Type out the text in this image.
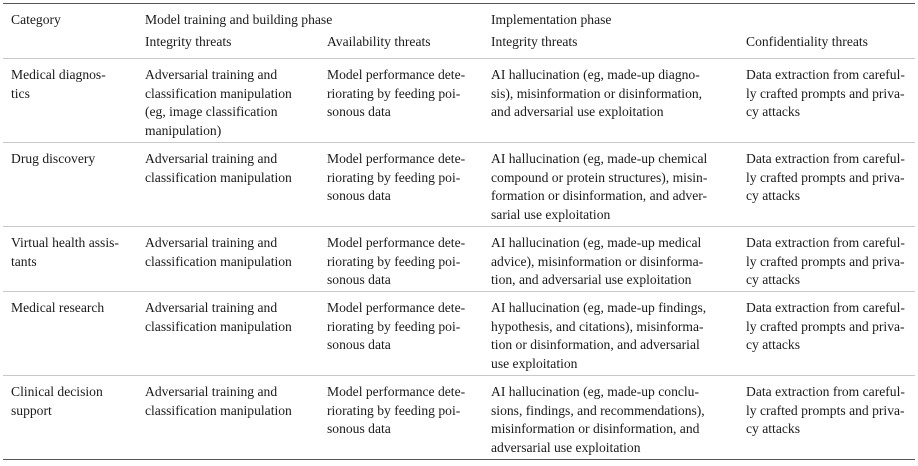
Category	Model training and building phase		Implementation phase	
	Integrity threats	Availability threats	Integrity threats	Confidentiality threats

Medical diagnos-
tics	Adversarial training and
classification manipulation
(eg, image classification
manipulation)	Model performance dete-
riorating by feeding poi-
sonous data	AI hallucination (eg, made-up diagno-
sis), misinformation or disinformation,
and adversarial use exploitation	Data extraction from careful-
ly crafted prompts and priva-
cy attacks

Drug discovery	Adversarial training and
classification manipulation	Model performance dete-
riorating by feeding poi-
sonous data	AI hallucination (eg, made-up chemical
compound or protein structures), misin-
formation or disinformation, and adver-
sarial use exploitation	Data extraction from careful-
ly crafted prompts and priva-
cy attacks

Virtual health assis-
tants	Adversarial training and
classification manipulation	Model performance dete-
riorating by feeding poi-
sonous data	AI hallucination (eg, made-up medical
advice), misinformation or disinforma-
tion, and adversarial use exploitation	Data extraction from careful-
ly crafted prompts and priva-
cy attacks

Medical research	Adversarial training and
classification manipulation	Model performance dete-
riorating by feeding poi-
sonous data	AI hallucination (eg, made-up findings,
hypothesis, and citations), misinforma-
tion or disinformation, and adversarial
use exploitation	Data extraction from careful-
ly crafted prompts and priva-
cy attacks

Clinical decision
support	Adversarial training and
classification manipulation	Model performance dete-
riorating by feeding poi-
sonous data	AI hallucination (eg, made-up conclu-
sions, findings, and recommendations),
misinformation or disinformation, and
adversarial use exploitation	Data extraction from careful-
ly crafted prompts and priva-
cy attacks
